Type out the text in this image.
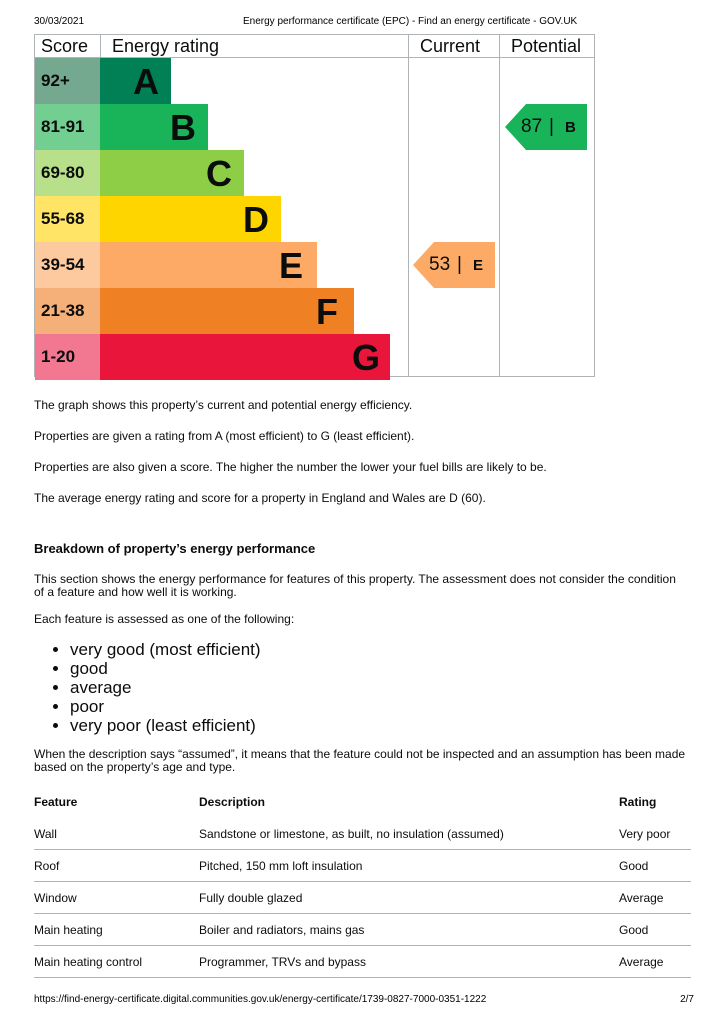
30/03/2021	Energy performance certificate (EPC) - Find an energy certificate - GOV.UK
Score Energy rating	Current Potential
92+	A
81-91	B
69-80	C
55-68	D
39-54	E
21-38	F
1-20	G
53 | E
87 | B

The graph shows this property’s current and potential energy efficiency.

Properties are given a rating from A (most efficient) to G (least efficient).

Properties are also given a score. The higher the number the lower your fuel bills are likely to be.

The average energy rating and score for a property in England and Wales are D (60).

Breakdown of property’s energy performance

This section shows the energy performance for features of this property. The assessment does not consider the condition of a feature and how well it is working.

Each feature is assessed as one of the following:

• very good (most efficient)
• good
• average
• poor
• very poor (least efficient)

When the description says “assumed”, it means that the feature could not be inspected and an assumption has been made based on the property’s age and type.

Feature	Description	Rating
Wall	Sandstone or limestone, as built, no insulation (assumed)	Very poor
Roof	Pitched, 150 mm loft insulation	Good
Window	Fully double glazed	Average
Main heating	Boiler and radiators, mains gas	Good
Main heating control	Programmer, TRVs and bypass	Average
https://find-energy-certificate.digital.communities.gov.uk/energy-certificate/1739-0827-7000-0351-1222	2/7
